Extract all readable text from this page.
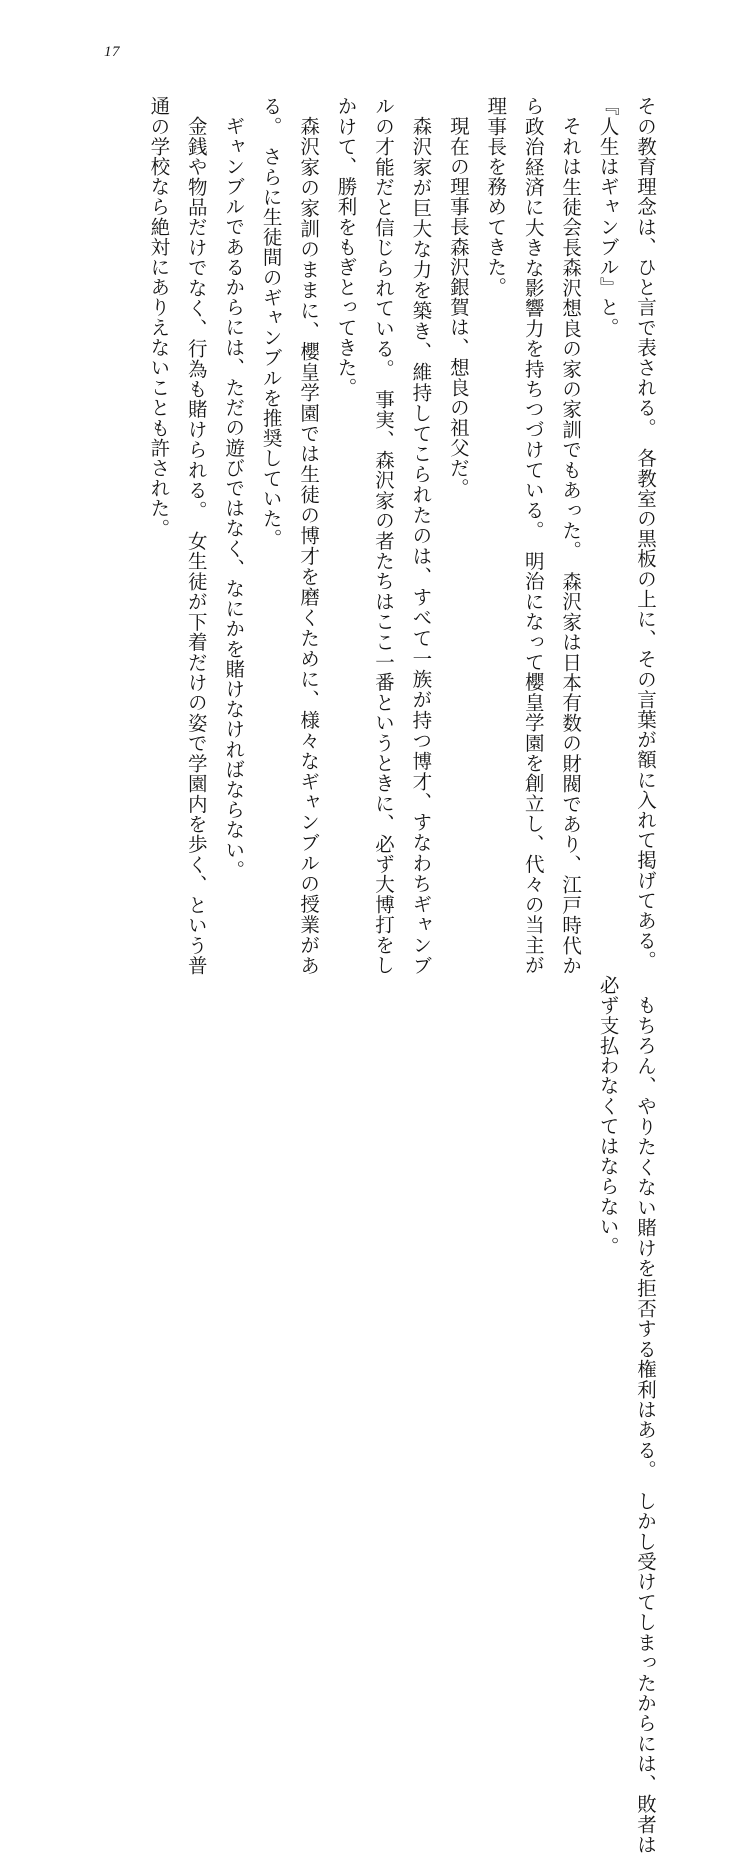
17

その教育理念は、ひと言で表される。　各教室の黒板の上に、その言葉が額に入れて掲げてある。

『人生はギャンブル』と。

それは生徒会長森沢想良の家の家訓でもあった。　森沢家は日本有数の財閥であり、江戸時代から政治経済に大きな影響力を持ちつづけている。　明治になって櫻皇学園を創立し、代々の当主が理事長を務めてきた。

現在の理事長森沢銀賀は、想良の祖父だ。

森沢家が巨大な力を築き、維持してこられたのは、すべて一族が持つ博才、すなわちギャンブルの才能だと信じられている。　事実、森沢家の者たちはここ一番というときに、必ず大博打をしかけて、勝利をもぎとってきた。

森沢家の家訓のままに、櫻皇学園では生徒の博才を磨くために、様々なギャンブルの授業がある。　さらに生徒間のギャンブルを推奨していた。

ギャンブルであるからには、ただの遊びではなく、なにかを賭けなければならない。

金銭や物品だけでなく、行為も賭けられる。　女生徒が下着だけの姿で学園内を歩く、という普通の学校なら絶対にありえないことも許された。

もちろん、やりたくない賭けを拒否する権利はある。　しかし受けてしまったからには、敗者は必ず支払わなくてはならない。
